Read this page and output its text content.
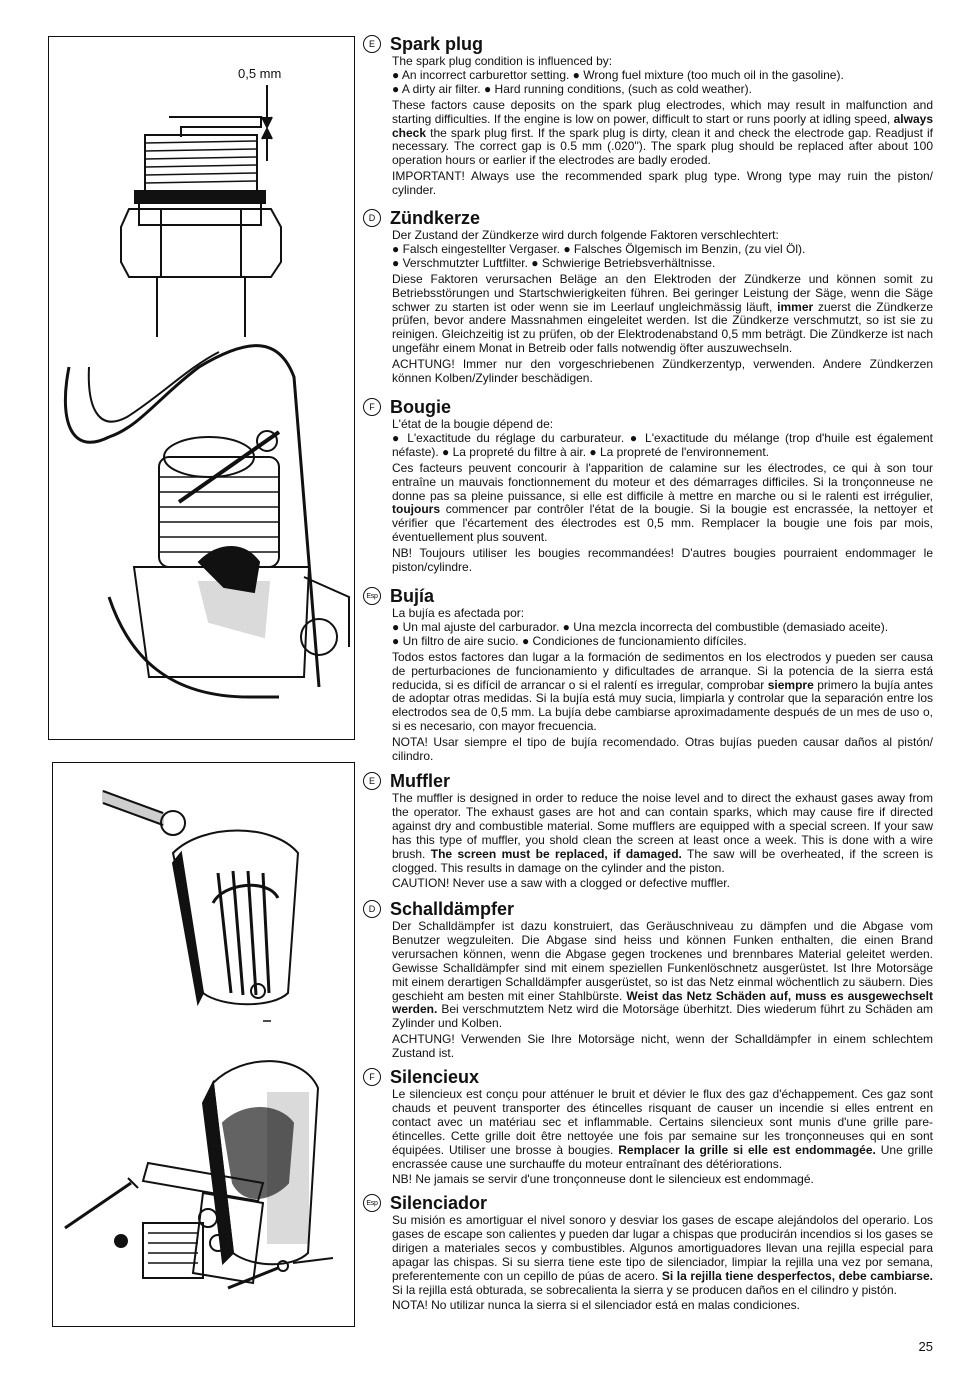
0,5 mm
E Spark plug

The spark plug condition is influenced by:

● An incorrect carburettor setting. ● Wrong fuel mixture (too much oil in the gasoline).

● A dirty air filter. ● Hard running conditions, (such as cold weather).

These factors cause deposits on the spark plug electrodes, which may result in malfunction and starting difficulties. If the engine is low on power, difficult to start or runs poorly at idling speed, always check the spark plug first. If the spark plug is dirty, clean it and check the electrode gap. Readjust if necessary. The correct gap is 0.5 mm (.020"). The spark plug should be replaced after about 100 operation hours or earlier if the electrodes are badly eroded.

IMPORTANT! Always use the recommended spark plug type. Wrong type may ruin the piston/ cylinder.

D Zündkerze

Der Zustand der Zündkerze wird durch folgende Faktoren verschlechtert:

● Falsch eingestellter Vergaser. ● Falsches Ölgemisch im Benzin, (zu viel Öl).

● Verschmutzter Luftfilter. ● Schwierige Betriebsverhältnisse.

Diese Faktoren verursachen Beläge an den Elektroden der Zündkerze und können somit zu Betriebsstörungen und Startschwierigkeiten führen. Bei geringer Leistung der Säge, wenn die Säge schwer zu starten ist oder wenn sie im Leerlauf ungleichmässig läuft, immer zuerst die Zündkerze prüfen, bevor andere Massnahmen eingeleitet werden. Ist die Zündkerze verschmutzt, so ist sie zu reinigen. Gleichzeitig ist zu prüfen, ob der Elektrodenabstand 0,5 mm beträgt. Die Zündkerze ist nach ungefähr einem Monat in Betreib oder falls notwendig öfter auszuwechseln.

ACHTUNG! Immer nur den vorgeschriebenen Zündkerzentyp, verwenden. Andere Zündkerzen können Kolben/Zylinder beschädigen.

F Bougie

L'état de la bougie dépend de:

● L'exactitude du réglage du carburateur. ● L'exactitude du mélange (trop d'huile est également néfaste). ● La propreté du filtre à air. ● La propreté de l'environnement.

Ces facteurs peuvent concourir à l'apparition de calamine sur les électrodes, ce qui à son tour entraîne un mauvais fonctionnement du moteur et des démarrages difficiles. Si la tronçonneuse ne donne pas sa pleine puissance, si elle est difficile à mettre en marche ou si le ralenti est irrégulier, toujours commencer par contrôler l'état de la bougie. Si la bougie est encrassée, la nettoyer et vérifier que l'écartement des électrodes est 0,5 mm. Remplacer la bougie une fois par mois, éventuellement plus souvent.

NB! Toujours utiliser les bougies recommandées! D'autres bougies pourraient endommager le piston/cylindre.

Esp Bujía

La bujía es afectada por:

● Un mal ajuste del carburador. ● Una mezcla incorrecta del combustible (demasiado aceite).

● Un filtro de aire sucio. ● Condiciones de funcionamiento difíciles.

Todos estos factores dan lugar a la formación de sedimentos en los electrodos y pueden ser causa de perturbaciones de funcionamiento y dificultades de arranque. Si la potencia de la sierra está reducida, si es difícil de arrancar o si el ralentí es irregular, comprobar siempre primero la bujía antes de adoptar otras medidas. Si la bujía está muy sucia, limpiarla y controlar que la separación entre los electrodos sea de 0,5 mm. La bujía debe cambiarse aproximadamente después de un mes de uso o, si es necesario, con mayor frecuencia.

NOTA! Usar siempre el tipo de bujía recomendado. Otras bujías pueden causar daños al pistón/ cilindro.

E Muffler

The muffler is designed in order to reduce the noise level and to direct the exhaust gases away from the operator. The exhaust gases are hot and can contain sparks, which may cause fire if directed against dry and combustible material. Some mufflers are equipped with a special screen. If your saw has this type of muffler, you shold clean the screen at least once a week. This is done with a wire brush. The screen must be replaced, if damaged. The saw will be overheated, if the screen is clogged. This results in damage on the cylinder and the piston.

CAUTION! Never use a saw with a clogged or defective muffler.

D Schalldämpfer

Der Schalldämpfer ist dazu konstruiert, das Geräuschniveau zu dämpfen und die Abgase vom Benutzer wegzuleiten. Die Abgase sind heiss und können Funken enthalten, die einen Brand verursachen können, wenn die Abgase gegen trockenes und brennbares Material geleitet werden. Gewisse Schalldämpfer sind mit einem speziellen Funkenlöschnetz ausgerüstet. Ist Ihre Motorsäge mit einem derartigen Schalldämpfer ausgerüstet, so ist das Netz einmal wöchentlich zu säubern. Dies geschieht am besten mit einer Stahlbürste. Weist das Netz Schäden auf, muss es ausgewechselt werden. Bei verschmutztem Netz wird die Motorsäge überhitzt. Dies wiederum führt zu Schäden am Zylinder und Kolben.

ACHTUNG! Verwenden Sie Ihre Motorsäge nicht, wenn der Schalldämpfer in einem schlechtem Zustand ist.

F Silencieux

Le silencieux est conçu pour atténuer le bruit et dévier le flux des gaz d'échappement. Ces gaz sont chauds et peuvent transporter des étincelles risquant de causer un incendie si elles entrent en contact avec un matériau sec et inflammable. Certains silencieux sont munis d'une grille pare-étincelles. Cette grille doit être nettoyée une fois par semaine sur les tronçonneuses qui en sont équipées. Utiliser une brosse à bougies. Remplacer la grille si elle est endommagée. Une grille encrassée cause une surchauffe du moteur entraînant des détériorations.

NB! Ne jamais se servir d'une tronçonneuse dont le silencieux est endommagé.

Esp Silenciador

Su misión es amortiguar el nivel sonoro y desviar los gases de escape alejándolos del operario. Los gases de escape son calientes y pueden dar lugar a chispas que producirán incendios si los gases se dirigen a materiales secos y combustibles. Algunos amortiguadores llevan una rejilla especial para apagar las chispas. Si su sierra tiene este tipo de silenciador, limpiar la rejilla una vez por semana, preferentemente con un cepillo de púas de acero. Si la rejilla tiene desperfectos, debe cambiarse. Si la rejilla está obturada, se sobrecalienta la sierra y se producen daños en el cilindro y pistón.

NOTA! No utilizar nunca la sierra si el silenciador está en malas condiciones.

25
